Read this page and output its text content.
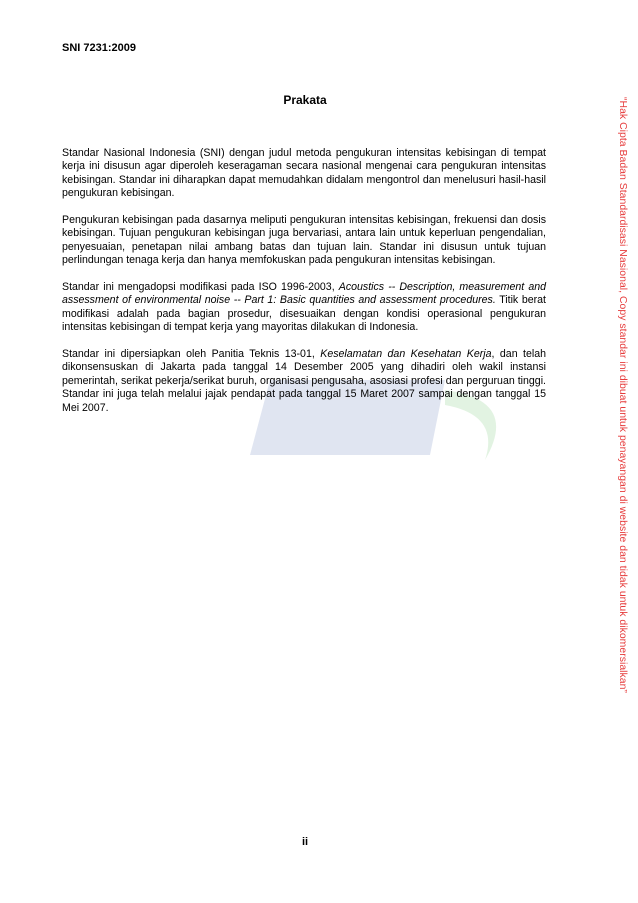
SNI 7231:2009
Prakata

Standar Nasional Indonesia (SNI) dengan judul metoda pengukuran intensitas kebisingan di tempat kerja ini disusun agar diperoleh keseragaman secara nasional mengenai cara pengukuran intensitas kebisingan. Standar ini diharapkan dapat memudahkan didalam mengontrol dan menelusuri hasil-hasil pengukuran kebisingan.

Pengukuran kebisingan pada dasarnya meliputi pengukuran intensitas kebisingan, frekuensi dan dosis kebisingan. Tujuan pengukuran kebisingan juga bervariasi, antara lain untuk keperluan pengendalian, penyesuaian, penetapan nilai ambang batas dan tujuan lain. Standar ini disusun untuk tujuan perlindungan tenaga kerja dan hanya memfokuskan pada pengukuran intensitas kebisingan.

Standar ini mengadopsi modifikasi pada ISO 1996-2003, Acoustics -- Description, measurement and assessment of environmental noise -- Part 1: Basic quantities and assessment procedures. Titik berat modifikasi adalah pada bagian prosedur, disesuaikan dengan kondisi operasional pengukuran intensitas kebisingan di tempat kerja yang mayoritas dilakukan di Indonesia.

Standar ini dipersiapkan oleh Panitia Teknis 13-01, Keselamatan dan Kesehatan Kerja, dan telah dikonsensuskan di Jakarta pada tanggal 14 Desember 2005 yang dihadiri oleh wakil instansi pemerintah, serikat pekerja/serikat buruh, organisasi pengusaha, asosiasi profesi dan perguruan tinggi. Standar ini juga telah melalui jajak pendapat pada tanggal 15 Maret 2007 sampai dengan tanggal 15 Mei 2007.

ii
“Hak Cipta Badan Standardisasi Nasional, Copy standar ini dibuat untuk penayangan di website dan tidak untuk dikomersialkan”
